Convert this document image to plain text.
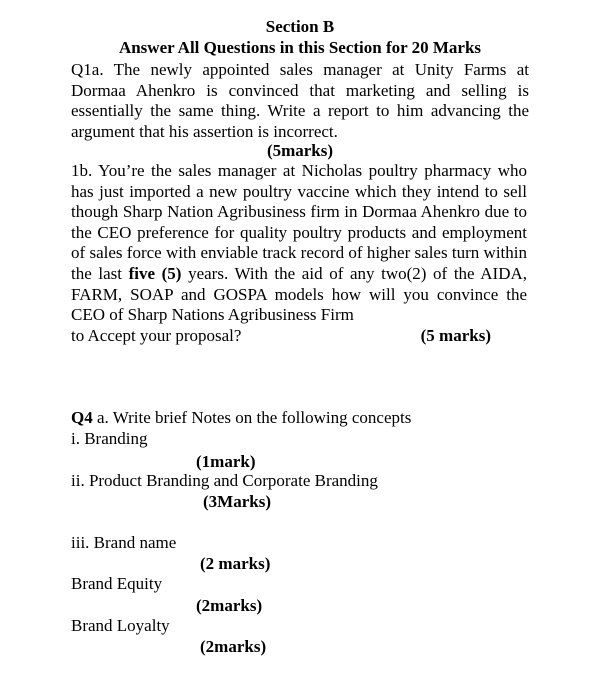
Section B
Answer All Questions in this Section for 20 Marks

Q1a. The newly appointed sales manager at Unity Farms at Dormaa Ahenkro is convinced that marketing and selling is essentially the same thing. Write a report to him advancing the argument that his assertion is incorrect.

(5marks)

1b. You’re the sales manager at Nicholas poultry pharmacy who has just imported a new poultry vaccine which they intend to sell though Sharp Nation Agribusiness firm in Dormaa Ahenkro due to the CEO preference for quality poultry products and employment of sales force with enviable track record of higher sales turn within the last five (5) years. With the aid of any two(2) of the AIDA, FARM, SOAP and GOSPA models how will you convince the CEO of Sharp Nations Agribusiness Firm

to Accept your proposal?	(5 marks)
Q4 a. Write brief Notes on the following concepts
i. Branding
(1mark)
ii. Product Branding and Corporate Branding
(3Marks)
iii. Brand name
(2 marks)
Brand Equity
(2marks)
Brand Loyalty
(2marks)
